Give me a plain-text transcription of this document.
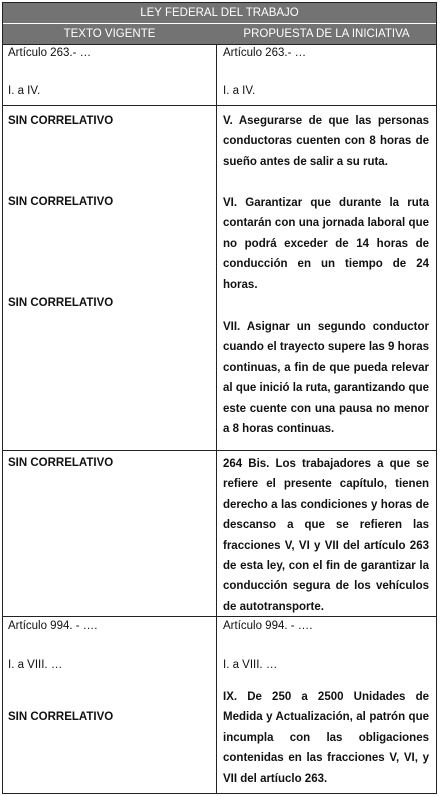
LEY FEDERAL DEL TRABAJO
TEXTO VIGENTE	PROPUESTA DE LA INICIATIVA
Artículo 263.- …
I. a IV.
Artículo 263.- …
I. a IV.
SIN CORRELATIVO
SIN CORRELATIVO
SIN CORRELATIVO
V. Asegurarse de que las personas
conductoras cuenten con 8 horas de
sueño antes de salir a su ruta.
VI. Garantizar que durante la ruta
contarán con una jornada laboral que
no podrá exceder de 14 horas de
conducción en un tiempo de 24
horas.
VII. Asignar un segundo conductor
cuando el trayecto supere las 9 horas
continuas, a fin de que pueda relevar
al que inició la ruta, garantizando que
este cuente con una pausa no menor
a 8 horas continuas.
SIN CORRELATIVO	264 Bis. Los trabajadores a que se
refiere el presente capítulo, tienen
derecho a las condiciones y horas de
descanso a que se refieren las
fracciones V, VI y VII del artículo 263
de esta ley, con el fin de garantizar la
conducción segura de los vehículos
de autotransporte.
Artículo 994. - ….
I. a VIII. …
SIN CORRELATIVO
Artículo 994. - ….
I. a VIII. …
IX. De 250 a 2500 Unidades de
Medida y Actualización, al patrón que
incumpla con las obligaciones
contenidas en las fracciones V, VI, y
VII del artíuclo 263.
